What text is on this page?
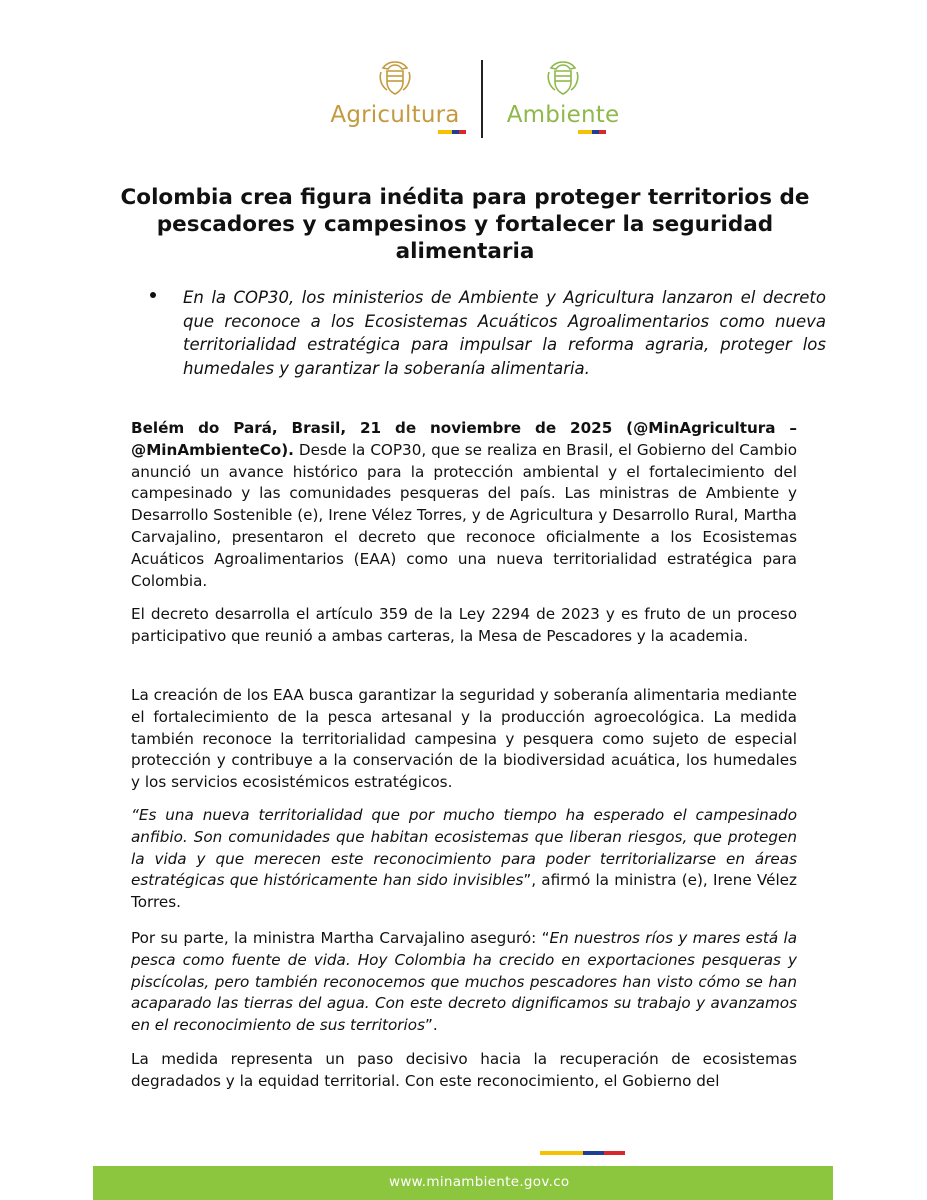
Agricultura	Ambiente
Colombia crea figura inédita para proteger territorios de pescadores y campesinos y fortalecer la seguridad alimentaria

En la COP30, los ministerios de Ambiente y Agricultura lanzaron el decreto que reconoce a los Ecosistemas Acuáticos Agroalimentarios como nueva territorialidad estratégica para impulsar la reforma agraria, proteger los humedales y garantizar la soberanía alimentaria.

Belém do Pará, Brasil, 21 de noviembre de 2025 (@MinAgricultura – @MinAmbienteCo). Desde la COP30, que se realiza en Brasil, el Gobierno del Cambio anunció un avance histórico para la protección ambiental y el fortalecimiento del campesinado y las comunidades pesqueras del país. Las ministras de Ambiente y Desarrollo Sostenible (e), Irene Vélez Torres, y de Agricultura y Desarrollo Rural, Martha Carvajalino, presentaron el decreto que reconoce oficialmente a los Ecosistemas Acuáticos Agroalimentarios (EAA) como una nueva territorialidad estratégica para Colombia.

El decreto desarrolla el artículo 359 de la Ley 2294 de 2023 y es fruto de un proceso participativo que reunió a ambas carteras, la Mesa de Pescadores y la academia.

La creación de los EAA busca garantizar la seguridad y soberanía alimentaria mediante el fortalecimiento de la pesca artesanal y la producción agroecológica. La medida también reconoce la territorialidad campesina y pesquera como sujeto de especial protección y contribuye a la conservación de la biodiversidad acuática, los humedales y los servicios ecosistémicos estratégicos.

“Es una nueva territorialidad que por mucho tiempo ha esperado el campesinado anfibio. Son comunidades que habitan ecosistemas que liberan riesgos, que protegen la vida y que merecen este reconocimiento para poder territorializarse en áreas estratégicas que históricamente han sido invisibles”, afirmó la ministra (e), Irene Vélez Torres.

Por su parte, la ministra Martha Carvajalino aseguró: “En nuestros ríos y mares está la pesca como fuente de vida. Hoy Colombia ha crecido en exportaciones pesqueras y piscícolas, pero también reconocemos que muchos pescadores han visto cómo se han acaparado las tierras del agua. Con este decreto dignificamos su trabajo y avanzamos en el reconocimiento de sus territorios”.

La medida representa un paso decisivo hacia la recuperación de ecosistemas degradados y la equidad territorial. Con este reconocimiento, el Gobierno del

www.minambiente.gov.co
